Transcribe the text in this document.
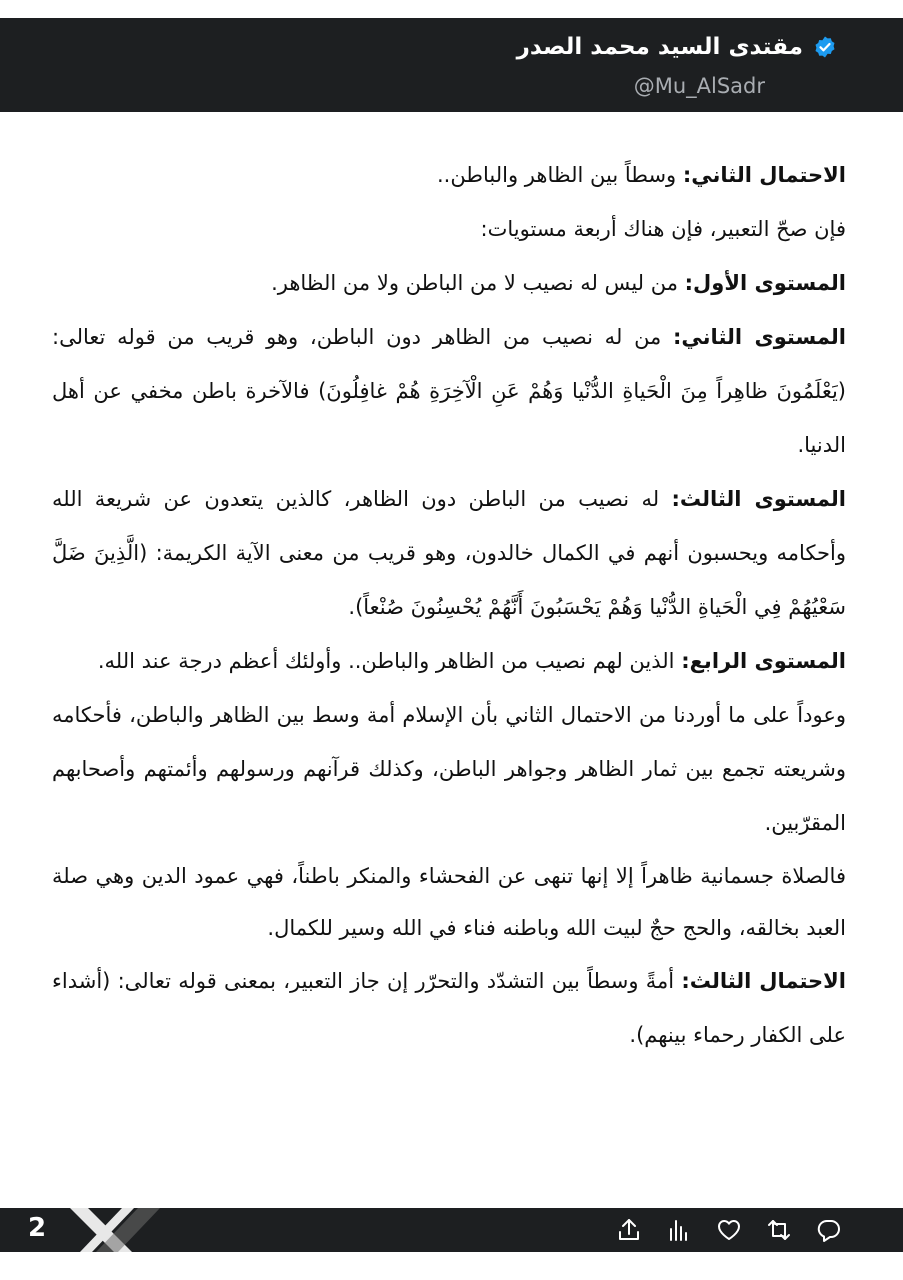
مقتدى السيد محمد الصدر
@Mu_AlSadr

الاحتمال الثاني: وسطاً بين الظاهر والباطن..

فإن صحّ التعبير، فإن هناك أربعة مستويات:

المستوى الأول: من ليس له نصيب لا من الباطن ولا من الظاهر.

المستوى الثاني: من له نصيب من الظاهر دون الباطن، وهو قريب من قوله تعالى: (يَعْلَمُونَ ظاهِراً مِنَ الْحَياةِ الدُّنْيا وَهُمْ عَنِ الْآخِرَةِ هُمْ غافِلُونَ) فالآخرة باطن مخفي عن أهل الدنيا.

المستوى الثالث: له نصيب من الباطن دون الظاهر، كالذين يتعدون عن شريعة الله وأحكامه ويحسبون أنهم في الكمال خالدون، وهو قريب من معنى الآية الكريمة: (الَّذِينَ ضَلَّ سَعْيُهُمْ فِي الْحَياةِ الدُّنْيا وَهُمْ يَحْسَبُونَ أَنَّهُمْ يُحْسِنُونَ صُنْعاً).

المستوى الرابع: الذين لهم نصيب من الظاهر والباطن.. وأولئك أعظم درجة عند الله.

وعوداً على ما أوردنا من الاحتمال الثاني بأن الإسلام أمة وسط بين الظاهر والباطن، فأحكامه وشريعته تجمع بين ثمار الظاهر وجواهر الباطن، وكذلك قرآنهم ورسولهم وأئمتهم وأصحابهم المقرّبين.

فالصلاة جسمانية ظاهراً إلا إنها تنهى عن الفحشاء والمنكر باطناً، فهي عمود الدين وهي صلة العبد بخالقه، والحج حجٌ لبيت الله وباطنه فناء في الله وسير للكمال.

الاحتمال الثالث: أمةً وسطاً بين التشدّد والتحرّر إن جاز التعبير، بمعنى قوله تعالى: (أشداء على الكفار رحماء بينهم).

2
